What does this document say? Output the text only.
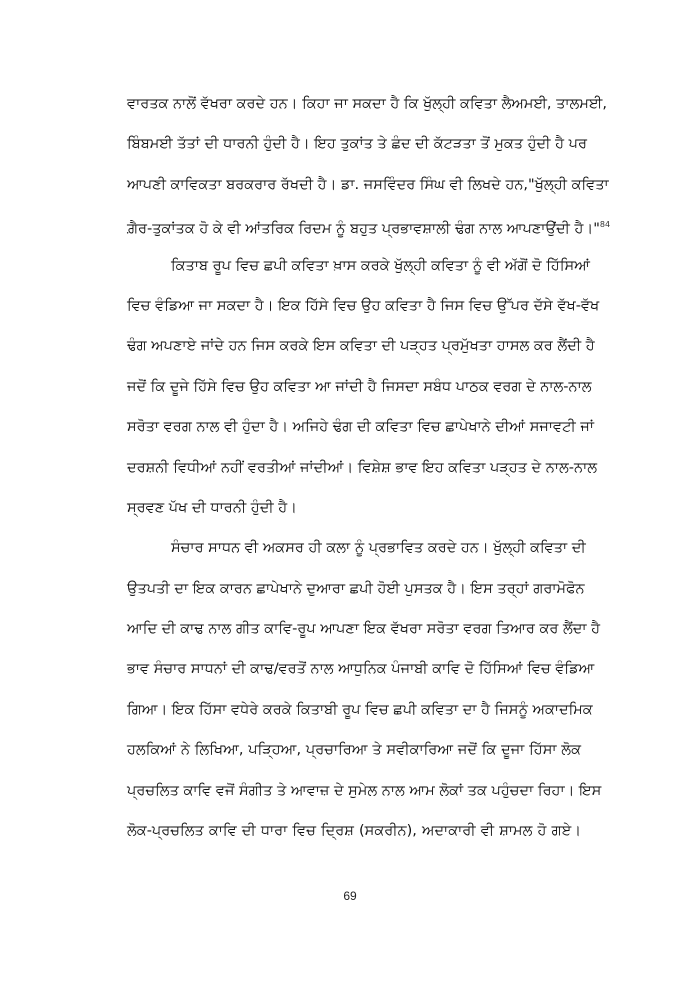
ਵਾਰਤਕ ਨਾਲੋਂ ਵੱਖਰਾ ਕਰਦੇ ਹਨ। ਕਿਹਾ ਜਾ ਸਕਦਾ ਹੈ ਕਿ ਖੁੱਲ੍ਹੀ ਕਵਿਤਾ ਲੈਅਮਈ, ਤਾਲਮਈ,
ਬਿੰਬਮਈ ਤੱਤਾਂ ਦੀ ਧਾਰਨੀ ਹੁੰਦੀ ਹੈ। ਇਹ ਤੁਕਾਂਤ ਤੇ ਛੰਦ ਦੀ ਕੱਟੜਤਾ ਤੋਂ ਮੁਕਤ ਹੁੰਦੀ ਹੈ ਪਰ
ਆਪਣੀ ਕਾਵਿਕਤਾ ਬਰਕਰਾਰ ਰੱਖਦੀ ਹੈ। ਡਾ. ਜਸਵਿੰਦਰ ਸਿੰਘ ਵੀ ਲਿਖਦੇ ਹਨ,"ਖੁੱਲ੍ਹੀ ਕਵਿਤਾ
ਗ਼ੈਰ-ਤੁਕਾਂਤਕ ਹੋ ਕੇ ਵੀ ਆਂਤਰਿਕ ਰਿਦਮ ਨੂੰ ਬਹੁਤ ਪ੍ਰਭਾਵਸ਼ਾਲੀ ਢੰਗ ਨਾਲ ਆਪਣਾਉਂਦੀ ਹੈ।"$^{84}$
ਕਿਤਾਬ ਰੂਪ ਵਿਚ ਛਪੀ ਕਵਿਤਾ ਖ਼ਾਸ ਕਰਕੇ ਖੁੱਲ੍ਹੀ ਕਵਿਤਾ ਨੂੰ ਵੀ ਅੱਗੋਂ ਦੋ ਹਿੱਸਿਆਂ
ਵਿਚ ਵੰਡਿਆ ਜਾ ਸਕਦਾ ਹੈ। ਇਕ ਹਿੱਸੇ ਵਿਚ ਉਹ ਕਵਿਤਾ ਹੈ ਜਿਸ ਵਿਚ ਉੱਪਰ ਦੱਸੇ ਵੱਖ-ਵੱਖ
ਢੰਗ ਅਪਣਾਏ ਜਾਂਦੇ ਹਨ ਜਿਸ ਕਰਕੇ ਇਸ ਕਵਿਤਾ ਦੀ ਪੜ੍ਹਤ ਪ੍ਰਮੁੱਖਤਾ ਹਾਸਲ ਕਰ ਲੈਂਦੀ ਹੈ
ਜਦੋਂ ਕਿ ਦੂਜੇ ਹਿੱਸੇ ਵਿਚ ਉਹ ਕਵਿਤਾ ਆ ਜਾਂਦੀ ਹੈ ਜਿਸਦਾ ਸਬੰਧ ਪਾਠਕ ਵਰਗ ਦੇ ਨਾਲ-ਨਾਲ
ਸਰੋਤਾ ਵਰਗ ਨਾਲ ਵੀ ਹੁੰਦਾ ਹੈ। ਅਜਿਹੇ ਢੰਗ ਦੀ ਕਵਿਤਾ ਵਿਚ ਛਾਪੇਖਾਨੇ ਦੀਆਂ ਸਜਾਵਟੀ ਜਾਂ
ਦਰਸ਼ਨੀ ਵਿਧੀਆਂ ਨਹੀਂ ਵਰਤੀਆਂ ਜਾਂਦੀਆਂ। ਵਿਸ਼ੇਸ਼ ਭਾਵ ਇਹ ਕਵਿਤਾ ਪੜ੍ਹਤ ਦੇ ਨਾਲ-ਨਾਲ
ਸ੍ਰਵਣ ਪੱਖ ਦੀ ਧਾਰਨੀ ਹੁੰਦੀ ਹੈ।
ਸੰਚਾਰ ਸਾਧਨ ਵੀ ਅਕਸਰ ਹੀ ਕਲਾ ਨੂੰ ਪ੍ਰਭਾਵਿਤ ਕਰਦੇ ਹਨ। ਖੁੱਲ੍ਹੀ ਕਵਿਤਾ ਦੀ
ਉਤਪਤੀ ਦਾ ਇਕ ਕਾਰਨ ਛਾਪੇਖਾਨੇ ਦੁਆਰਾ ਛਪੀ ਹੋਈ ਪੁਸਤਕ ਹੈ। ਇਸ ਤਰ੍ਹਾਂ ਗਰਾਮੋਫੋਨ
ਆਦਿ ਦੀ ਕਾਢ ਨਾਲ ਗੀਤ ਕਾਵਿ-ਰੂਪ ਆਪਣਾ ਇਕ ਵੱਖਰਾ ਸਰੋਤਾ ਵਰਗ ਤਿਆਰ ਕਰ ਲੈਂਦਾ ਹੈ
ਭਾਵ ਸੰਚਾਰ ਸਾਧਨਾਂ ਦੀ ਕਾਢ/ਵਰਤੋਂ ਨਾਲ ਆਧੁਨਿਕ ਪੰਜਾਬੀ ਕਾਵਿ ਦੋ ਹਿੱਸਿਆਂ ਵਿਚ ਵੰਡਿਆ
ਗਿਆ। ਇਕ ਹਿੱਸਾ ਵਧੇਰੇ ਕਰਕੇ ਕਿਤਾਬੀ ਰੂਪ ਵਿਚ ਛਪੀ ਕਵਿਤਾ ਦਾ ਹੈ ਜਿਸਨੂੰ ਅਕਾਦਮਿਕ
ਹਲਕਿਆਂ ਨੇ ਲਿਖਿਆ, ਪੜ੍ਹਿਆ, ਪ੍ਰਚਾਰਿਆ ਤੇ ਸਵੀਕਾਰਿਆ ਜਦੋਂ ਕਿ ਦੂਜਾ ਹਿੱਸਾ ਲੋਕ
ਪ੍ਰਚਲਿਤ ਕਾਵਿ ਵਜੋਂ ਸੰਗੀਤ ਤੇ ਆਵਾਜ਼ ਦੇ ਸੁਮੇਲ ਨਾਲ ਆਮ ਲੋਕਾਂ ਤਕ ਪਹੁੰਚਦਾ ਰਿਹਾ। ਇਸ
ਲੋਕ-ਪ੍ਰਚਲਿਤ ਕਾਵਿ ਦੀ ਧਾਰਾ ਵਿਚ ਦ੍ਰਿਸ਼ (ਸਕਰੀਨ), ਅਦਾਕਾਰੀ ਵੀ ਸ਼ਾਮਲ ਹੋ ਗਏ।
69
